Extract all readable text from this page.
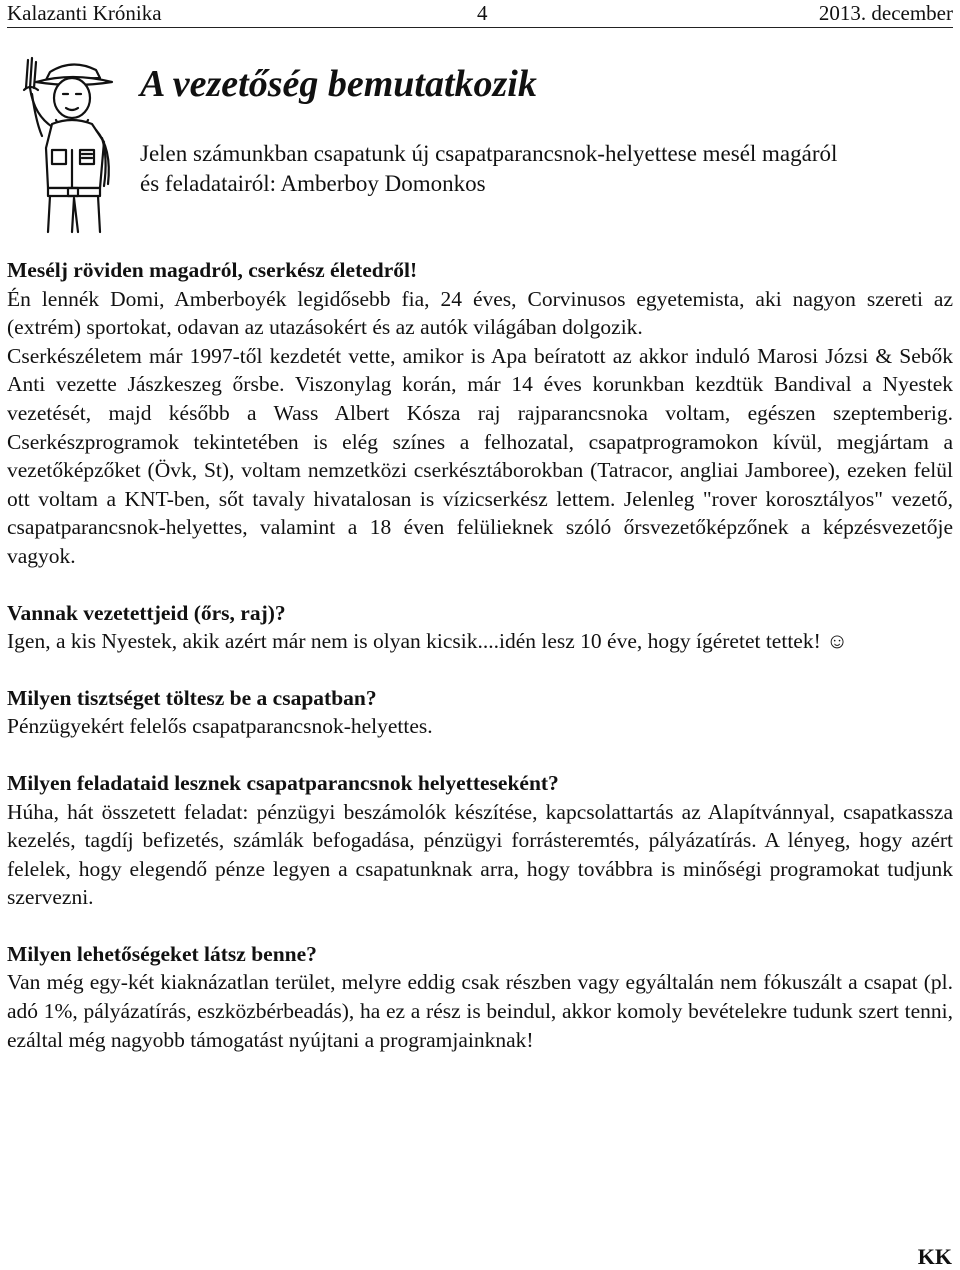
Kalazanti Krónika	4	2013. december
A vezetőség bemutatkozik

Jelen számunkban csapatunk új csapatparancsnok-helyettese mesél magáról

és feladatairól: Amberboy Domonkos

Mesélj röviden magadról, cserkész életedről!

Én lennék Domi, Amberboyék legidősebb fia, 24 éves, Corvinusos egyetemista, aki nagyon szereti az (extrém) sportokat, odavan az utazásokért és az autók világában dolgozik.

Cserkészéletem már 1997-től kezdetét vette, amikor is Apa beíratott az akkor induló Marosi Józsi & Sebők Anti vezette Jászkeszeg őrsbe. Viszonylag korán, már 14 éves korunkban kezdtük Bandival a Nyestek vezetését, majd később a Wass Albert Kósza raj rajparancsnoka voltam, egészen szeptemberig. Cserkészprogramok tekintetében is elég színes a felhozatal, csapatprogramokon kívül, megjártam a vezetőképzőket (Övk, St), voltam nemzetközi cserkésztáborokban (Tatracor, angliai Jamboree), ezeken felül ott voltam a KNT-ben, sőt tavaly hivatalosan is vízicserkész lettem. Jelenleg "rover korosztályos" vezető, csapatparancsnok-helyettes, valamint a 18 éven felülieknek szóló őrsvezetőképzőnek a képzésvezetője vagyok.

Vannak vezetettjeid (őrs, raj)?

Igen, a kis Nyestek, akik azért már nem is olyan kicsik....idén lesz 10 éve, hogy ígéretet tettek! ☺

Milyen tisztséget töltesz be a csapatban?

Pénzügyekért felelős csapatparancsnok-helyettes.

Milyen feladataid lesznek csapatparancsnok helyetteseként?

Húha, hát összetett feladat: pénzügyi beszámolók készítése, kapcsolattartás az Alapítvánnyal, csapatkassza kezelés, tagdíj befizetés, számlák befogadása, pénzügyi forrásteremtés, pályázatírás. A lényeg, hogy azért felelek, hogy elegendő pénze legyen a csapatunknak arra, hogy továbbra is minőségi programokat tudjunk szervezni.

Milyen lehetőségeket látsz benne?

Van még egy-két kiaknázatlan terület, melyre eddig csak részben vagy egyáltalán nem fókuszált a csapat (pl. adó 1%, pályázatírás, eszközbérbeadás), ha ez a rész is beindul, akkor komoly bevételekre tudunk szert tenni, ezáltal még nagyobb támogatást nyújtani a programjainknak!

KK
